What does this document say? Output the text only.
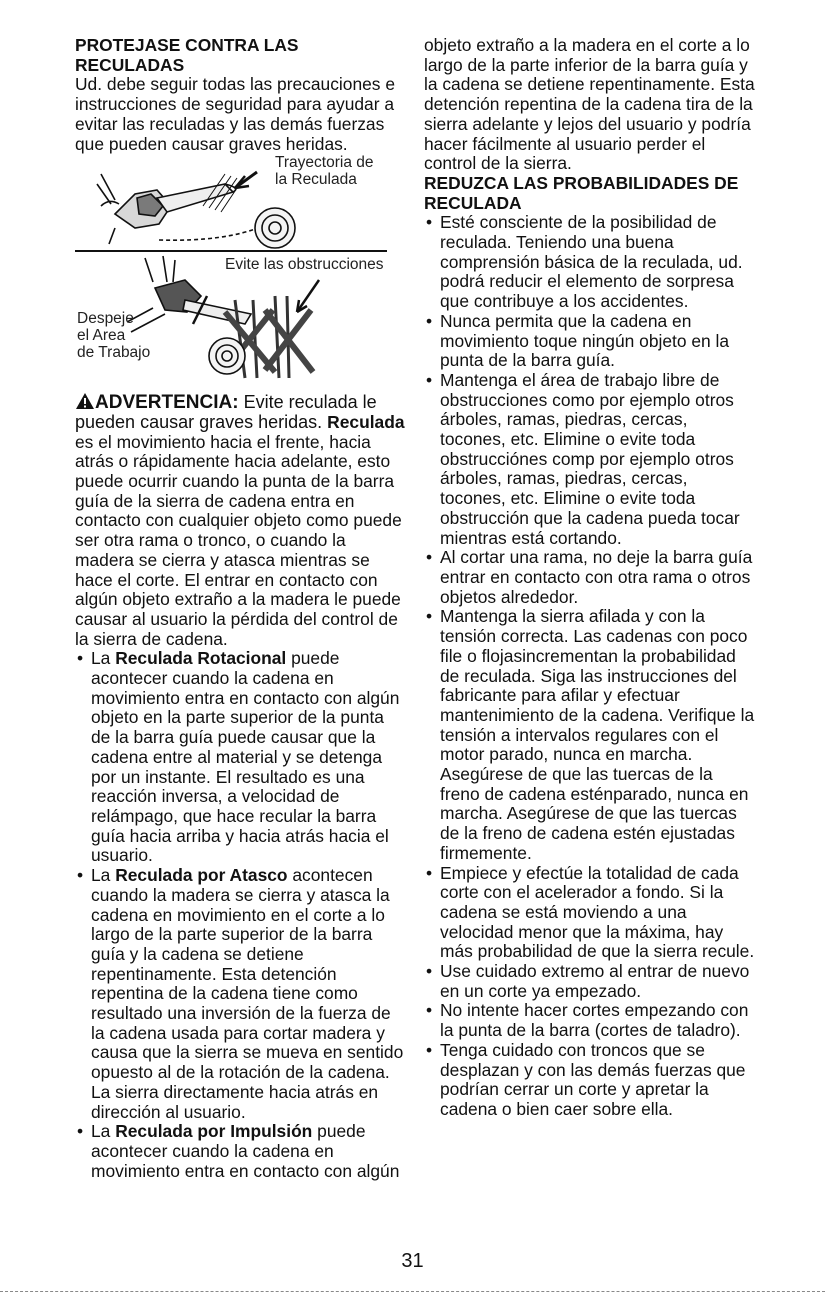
PROTEJASE CONTRA LAS RECULADAS

Ud. debe seguir todas las precauciones e instrucciones de seguridad para ayudar a evitar las reculadas y las demás fuerzas que pueden causar graves heridas.

Trayectoria de
la Reculada
Evite las obstrucciones
Despeje
el Area
de Trabajo

ADVERTENCIA: Evite reculada le pueden causar graves heridas. Reculada es el movimiento hacia el frente, hacia atrás o rápidamente hacia adelante, esto puede ocurrir cuando la punta de la barra guía de la sierra de cadena entra en contacto con cualquier objeto como puede ser otra rama o tronco, o cuando la madera se cierra y atasca mientras se hace el corte. El entrar en contacto con algún objeto extraño a la madera le puede causar al usuario la pérdida del control de la sierra de cadena.

• La Reculada Rotacional puede acontecer cuando la cadena en movimiento entra en contacto con algún objeto en la parte superior de la punta de la barra guía puede causar que la cadena entre al material y se detenga por un instante. El resultado es una reacción inversa, a velocidad de relámpago, que hace recular la barra guía hacia arriba y hacia atrás hacia el usuario.
• La Reculada por Atasco acontecen cuando la madera se cierra y atasca la cadena en movimiento en el corte a lo largo de la parte superior de la barra guía y la cadena se detiene repentinamente. Esta detención repentina de la cadena tiene como resultado una inversión de la fuerza de la cadena usada para cortar madera y causa que la sierra se mueva en sentido opuesto al de la rotación de la cadena. La sierra directamente hacia atrás en dirección al usuario.
• La Reculada por Impulsión puede acontecer cuando la cadena en movimiento entra en contacto con algún

objeto extraño a la madera en el corte a lo largo de la parte inferior de la barra guía y la cadena se detiene repentinamente. Esta detención repentina de la cadena tira de la sierra adelante y lejos del usuario y podría hacer fácilmente al usuario perder el control de la sierra.

REDUZCA LAS PROBABILIDADES DE RECULADA

• Esté consciente de la posibilidad de reculada. Teniendo una buena comprensión básica de la reculada, ud. podrá reducir el elemento de sorpresa que contribuye a los accidentes.
• Nunca permita que la cadena en movimiento toque ningún objeto en la punta de la barra guía.
• Mantenga el área de trabajo libre de obstrucciones como por ejemplo otros árboles, ramas, piedras, cercas, tocones, etc. Elimine o evite toda obstrucciónes comp por ejemplo otros árboles, ramas, piedras, cercas, tocones, etc. Elimine o evite toda obstrucción que la cadena pueda tocar mientras está cortando.
• Al cortar una rama, no deje la barra guía entrar en contacto con otra rama o otros objetos alrededor.
• Mantenga la sierra afilada y con la tensión correcta. Las cadenas con poco file o flojasincrementan la probabilidad de reculada. Siga las instrucciones del fabricante para afilar y efectuar mantenimiento de la cadena. Verifique la tensión a intervalos regulares con el motor parado, nunca en marcha. Asegúrese de que las tuercas de la freno de cadena esténparado, nunca en marcha. Asegúrese de que las tuercas de la freno de cadena estén ejustadas firmemente.
• Empiece y efectúe la totalidad de cada corte con el acelerador a fondo. Si la cadena se está moviendo a una velocidad menor que la máxima, hay más probabilidad de que la sierra recule.
• Use cuidado extremo al entrar de nuevo en un corte ya empezado.
• No intente hacer cortes empezando con la punta de la barra (cortes de taladro).
• Tenga cuidado con troncos que se desplazan y con las demás fuerzas que podrían cerrar un corte y apretar la cadena o bien caer sobre ella.
31
